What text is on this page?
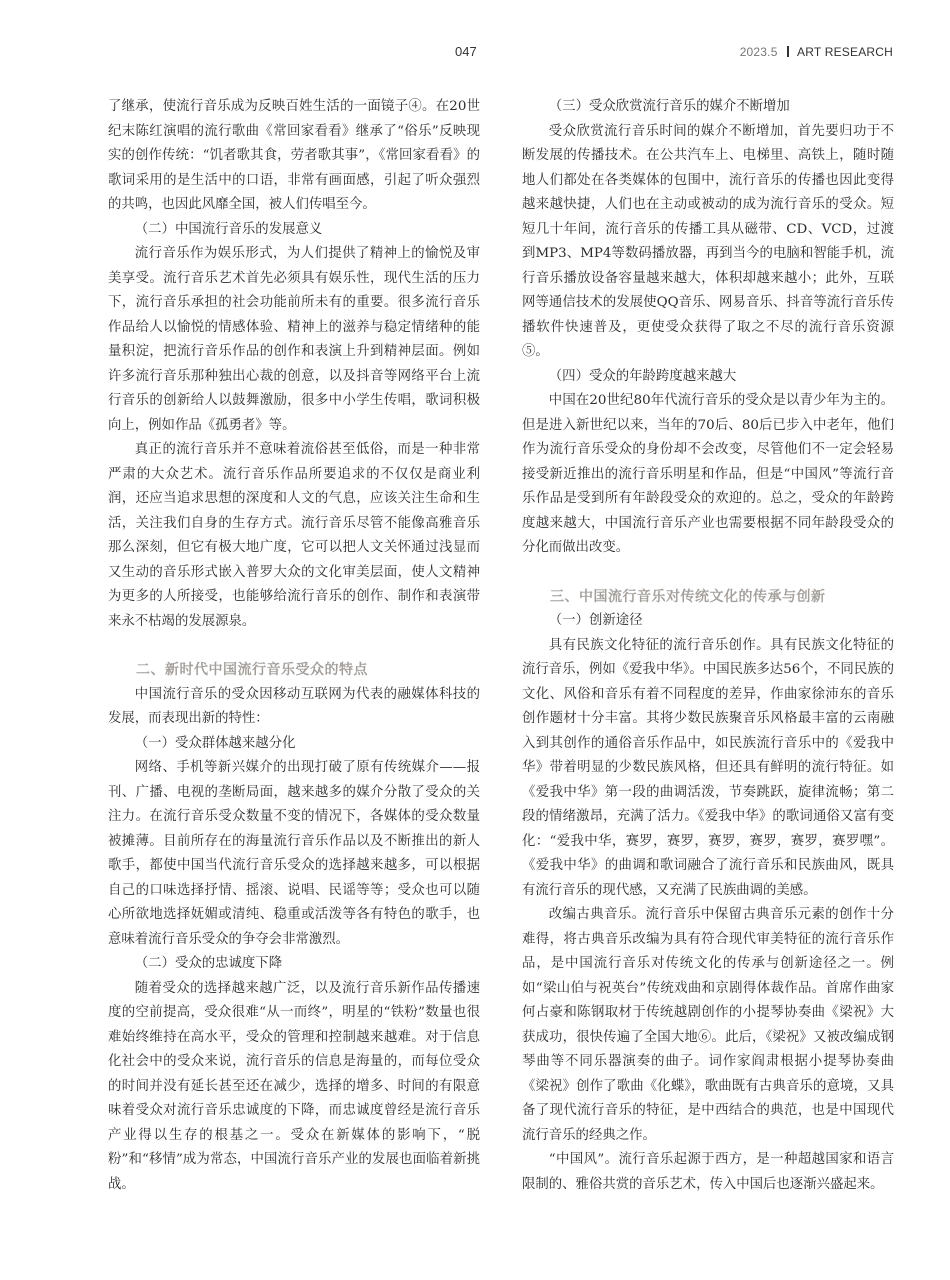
047	2023.5 ART RESEARCH

了继承，使流行音乐成为反映百姓生活的一面镜子④。在20世纪末陈红演唱的流行歌曲《常回家看看》继承了“俗乐”反映现实的创作传统：“饥者歌其食，劳者歌其事”，《常回家看看》的歌词采用的是生活中的口语，非常有画面感，引起了听众强烈的共鸣，也因此风靡全国，被人们传唱至今。

（二）中国流行音乐的发展意义

流行音乐作为娱乐形式，为人们提供了精神上的愉悦及审美享受。流行音乐艺术首先必须具有娱乐性，现代生活的压力下，流行音乐承担的社会功能前所未有的重要。很多流行音乐作品给人以愉悦的情感体验、精神上的滋养与稳定情绪种的能量积淀，把流行音乐作品的创作和表演上升到精神层面。例如许多流行音乐那种独出心裁的创意，以及抖音等网络平台上流行音乐的创新给人以鼓舞激励，很多中小学生传唱，歌词积极向上，例如作品《孤勇者》等。

真正的流行音乐并不意味着流俗甚至低俗，而是一种非常严肃的大众艺术。流行音乐作品所要追求的不仅仅是商业利润，还应当追求思想的深度和人文的气息，应该关注生命和生活，关注我们自身的生存方式。流行音乐尽管不能像高雅音乐那么深刻，但它有极大地广度，它可以把人文关怀通过浅显而又生动的音乐形式嵌入普罗大众的文化审美层面，使人文精神为更多的人所接受，也能够给流行音乐的创作、制作和表演带来永不枯竭的发展源泉。

二、新时代中国流行音乐受众的特点

中国流行音乐的受众因移动互联网为代表的融媒体科技的发展，而表现出新的特性：

（一）受众群体越来越分化

网络、手机等新兴媒介的出现打破了原有传统媒介——报刊、广播、电视的垄断局面，越来越多的媒介分散了受众的关注力。在流行音乐受众数量不变的情况下，各媒体的受众数量被摊薄。目前所存在的海量流行音乐作品以及不断推出的新人歌手，都使中国当代流行音乐受众的选择越来越多，可以根据自己的口味选择抒情、摇滚、说唱、民谣等等；受众也可以随心所欲地选择妩媚或清纯、稳重或活泼等各有特色的歌手，也意味着流行音乐受众的争夺会非常激烈。

（二）受众的忠诚度下降

随着受众的选择越来越广泛，以及流行音乐新作品传播速度的空前提高，受众很难“从一而终”，明星的“铁粉”数量也很难始终维持在高水平，受众的管理和控制越来越难。对于信息化社会中的受众来说，流行音乐的信息是海量的，而每位受众的时间并没有延长甚至还在减少，选择的增多、时间的有限意味着受众对流行音乐忠诚度的下降，而忠诚度曾经是流行音乐产业得以生存的根基之一。受众在新媒体的影响下，“脱粉”和“移情”成为常态，中国流行音乐产业的发展也面临着新挑战。

（三）受众欣赏流行音乐的媒介不断增加

受众欣赏流行音乐时间的媒介不断增加，首先要归功于不断发展的传播技术。在公共汽车上、电梯里、高铁上，随时随地人们都处在各类媒体的包围中，流行音乐的传播也因此变得越来越快捷，人们也在主动或被动的成为流行音乐的受众。短短几十年间，流行音乐的传播工具从磁带、CD、VCD，过渡到MP3、MP4等数码播放器，再到当今的电脑和智能手机，流行音乐播放设备容量越来越大，体积却越来越小；此外，互联网等通信技术的发展使QQ音乐、网易音乐、抖音等流行音乐传播软件快速普及，更使受众获得了取之不尽的流行音乐资源⑤。

（四）受众的年龄跨度越来越大

中国在20世纪80年代流行音乐的受众是以青少年为主的。但是进入新世纪以来，当年的70后、80后已步入中老年，他们作为流行音乐受众的身份却不会改变，尽管他们不一定会轻易接受新近推出的流行音乐明星和作品，但是“中国风”等流行音乐作品是受到所有年龄段受众的欢迎的。总之，受众的年龄跨度越来越大，中国流行音乐产业也需要根据不同年龄段受众的分化而做出改变。

三、中国流行音乐对传统文化的传承与创新

（一）创新途径

具有民族文化特征的流行音乐创作。具有民族文化特征的流行音乐，例如《爱我中华》。中国民族多达56个，不同民族的文化、风俗和音乐有着不同程度的差异，作曲家徐沛东的音乐创作题材十分丰富。其将少数民族聚音乐风格最丰富的云南融入到其创作的通俗音乐作品中，如民族流行音乐中的《爱我中华》带着明显的少数民族风格，但还具有鲜明的流行特征。如《爱我中华》第一段的曲调活泼，节奏跳跃，旋律流畅；第二段的情绪激昂，充满了活力。《爱我中华》的歌词通俗又富有变化：“爱我中华，赛罗，赛罗，赛罗，赛罗，赛罗，赛罗嘿”。《爱我中华》的曲调和歌词融合了流行音乐和民族曲风，既具有流行音乐的现代感，又充满了民族曲调的美感。

改编古典音乐。流行音乐中保留古典音乐元素的创作十分难得，将古典音乐改编为具有符合现代审美特征的流行音乐作品，是中国流行音乐对传统文化的传承与创新途径之一。例如“梁山伯与祝英台”传统戏曲和京剧得体裁作品。首席作曲家何占豪和陈钢取材于传统越剧创作的小提琴协奏曲《梁祝》大获成功，很快传遍了全国大地⑥。此后，《梁祝》又被改编成钢琴曲等不同乐器演奏的曲子。词作家阎肃根据小提琴协奏曲《梁祝》创作了歌曲《化蝶》，歌曲既有古典音乐的意境，又具备了现代流行音乐的特征，是中西结合的典范，也是中国现代流行音乐的经典之作。

“中国风”。流行音乐起源于西方，是一种超越国家和语言限制的、雅俗共赏的音乐艺术，传入中国后也逐渐兴盛起来。
